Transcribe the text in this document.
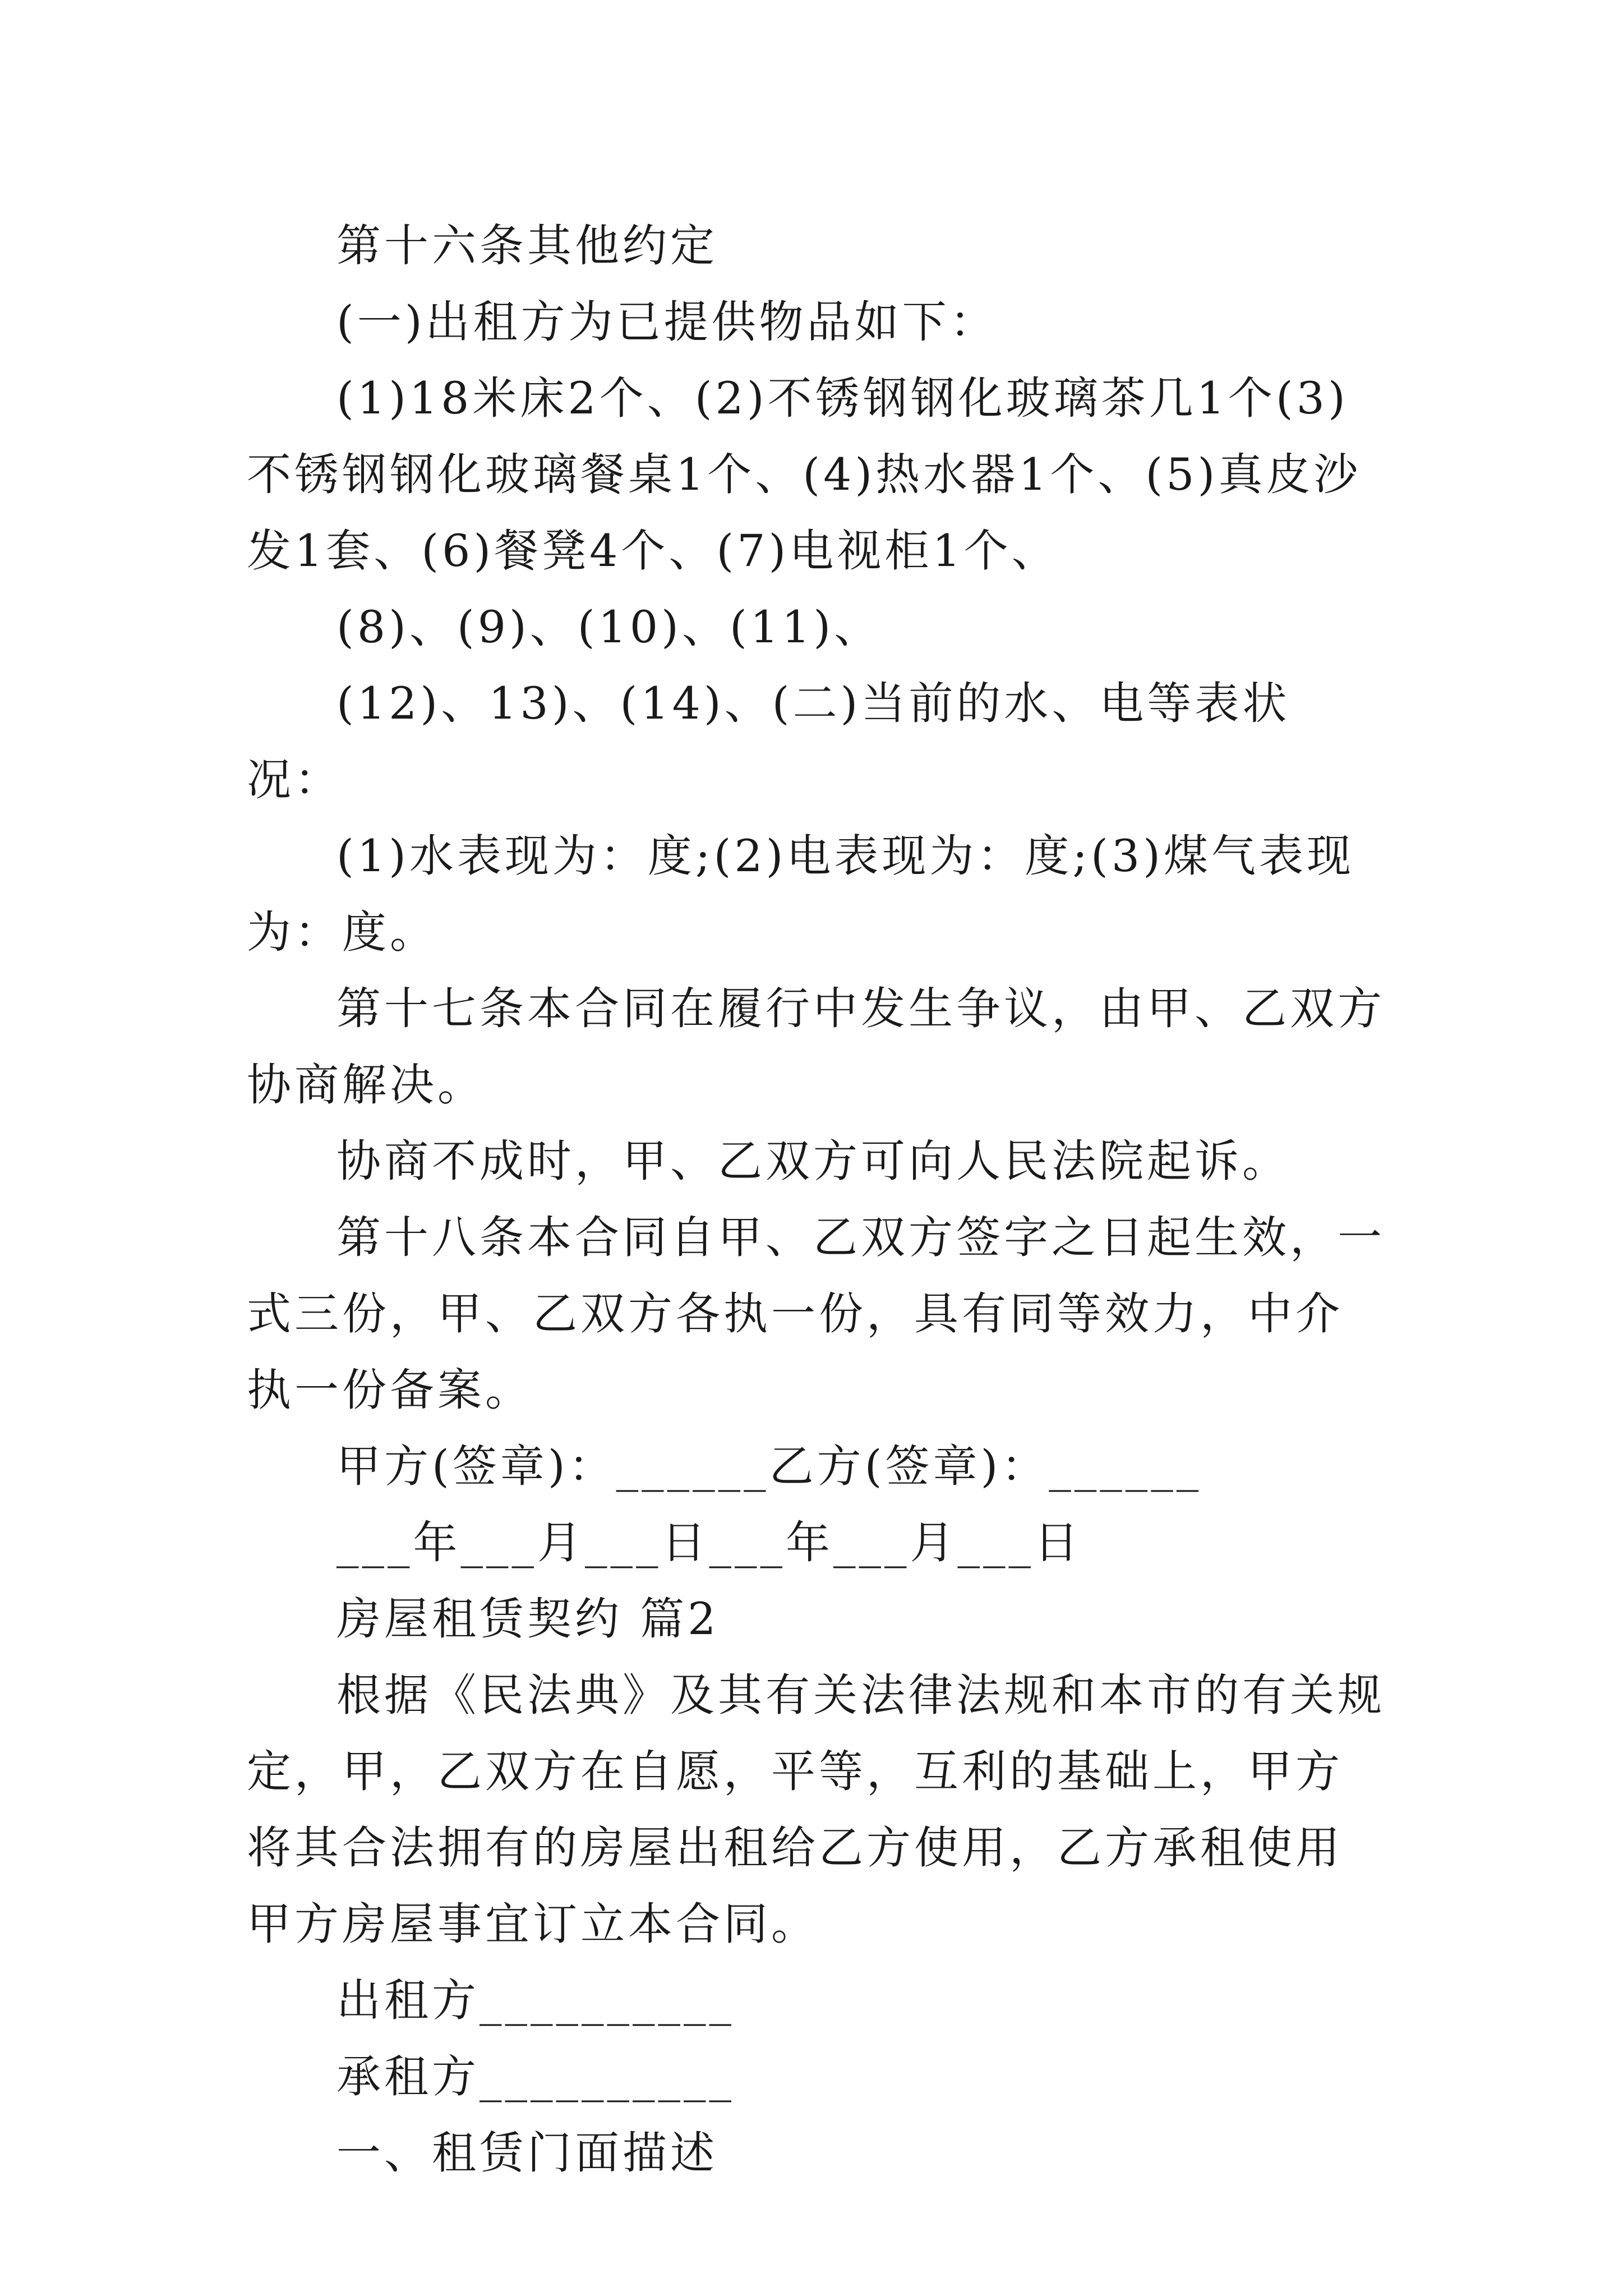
第十六条其他约定

(一)出租方为已提供物品如下：

(1)18米床2个、(2)不锈钢钢化玻璃茶几1个(3)不锈钢钢化玻璃餐桌1个、(4)热水器1个、(5)真皮沙发1套、(6)餐凳4个、(7)电视柜1个、

(8)、(9)、(10)、(11)、

(12)、13)、(14)、(二)当前的水、电等表状况：

(1)水表现为：度;(2)电表现为：度;(3)煤气表现为：度。

第十七条本合同在履行中发生争议，由甲、乙双方协商解决。

协商不成时，甲、乙双方可向人民法院起诉。

第十八条本合同自甲、乙双方签字之日起生效，一式三份，甲、乙双方各执一份，具有同等效力，中介执一份备案。

甲方(签章)：______乙方(签章)：______

___年___月___日___年___月___日

房屋租赁契约 篇2

根据《民法典》及其有关法律法规和本市的有关规定，甲，乙双方在自愿，平等，互利的基础上，甲方将其合法拥有的房屋出租给乙方使用，乙方承租使用甲方房屋事宜订立本合同。

出租方__________

承租方__________

一、租赁门面描述
